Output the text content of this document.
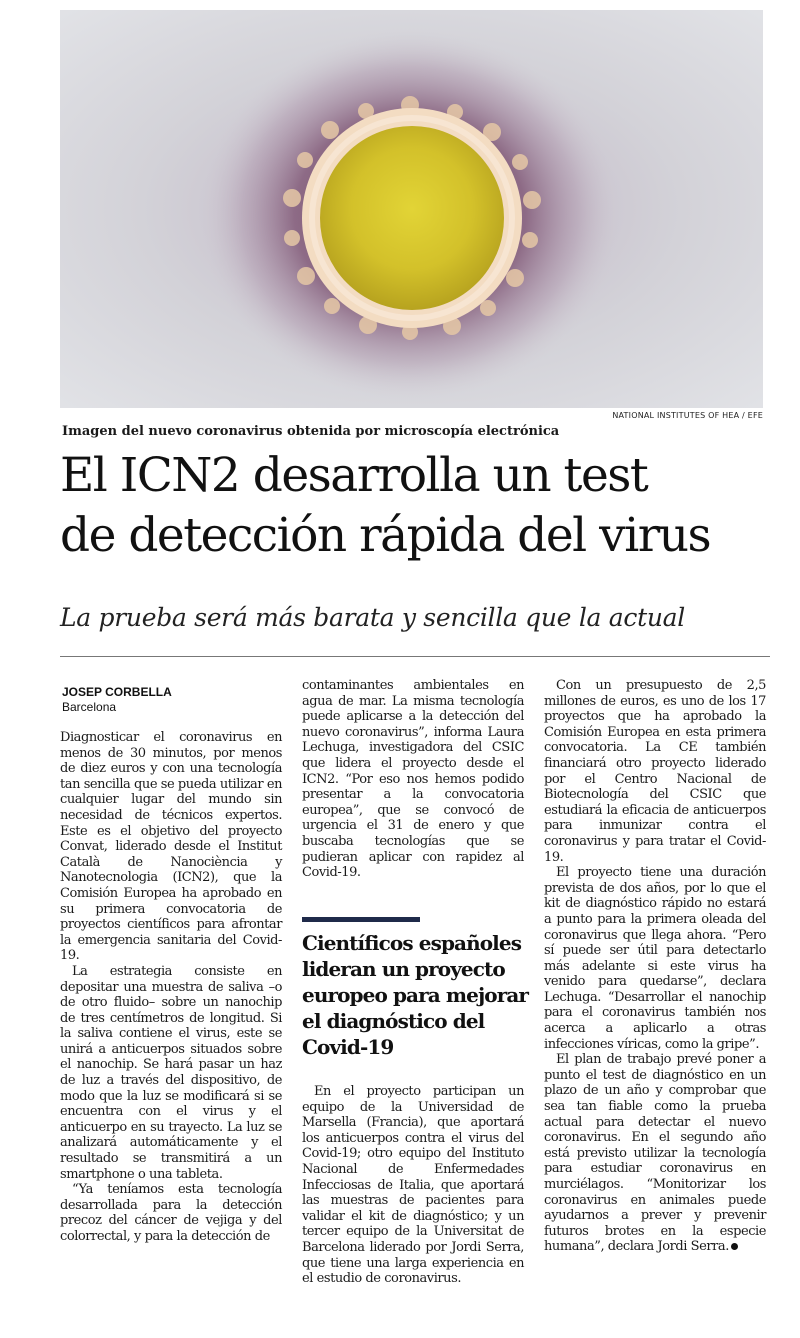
NATIONAL INSTITUTES OF HEA / EFE
Imagen del nuevo coronavirus obtenida por microscopía electrónica
El ICN2 desarrolla un test
de detección rápida del virus
La prueba será más barata y sencilla que la actual
JOSEP CORBELLA
Barcelona

Diagnosticar el coronavirus en menos de 30 minutos, por menos de diez euros y con una tecnología tan sencilla que se pueda utilizar en cualquier lugar del mundo sin necesidad de técnicos expertos. Este es el objetivo del proyecto Convat, liderado desde el Institut Català de Nanociència y Nanotecnologia (ICN2), que la Comisión Europea ha aprobado en su primera convocatoria de proyectos científicos para afrontar la emergencia sanitaria del Covid-19.

La estrategia consiste en depositar una muestra de saliva –o de otro fluido– sobre un nanochip de tres centímetros de longitud. Si la saliva contiene el virus, este se unirá a anticuerpos situados sobre el nanochip. Se hará pasar un haz de luz a través del dispositivo, de modo que la luz se modificará si se encuentra con el virus y el anticuerpo en su trayecto. La luz se analizará automáticamente y el resultado se transmitirá a un smartphone o una tableta.

“Ya teníamos esta tecnología desarrollada para la detección precoz del cáncer de vejiga y del colorrectal, y para la detección de

contaminantes ambientales en agua de mar. La misma tecnología puede aplicarse a la detección del nuevo coronavirus”, informa Laura Lechuga, investigadora del CSIC que lidera el proyecto desde el ICN2. “Por eso nos hemos podido presentar a la convocatoria europea”, que se convocó de urgencia el 31 de enero y que buscaba tecnologías que se pudieran aplicar con rapidez al Covid-19.

Científicos españoles
lideran un proyecto
europeo para mejorar
el diagnóstico del
Covid-19

En el proyecto participan un equipo de la Universidad de Marsella (Francia), que aportará los anticuerpos contra el virus del Covid-19; otro equipo del Instituto Nacional de Enfermedades Infecciosas de Italia, que aportará las muestras de pacientes para validar el kit de diagnóstico; y un tercer equipo de la Universitat de Barcelona liderado por Jordi Serra, que tiene una larga experiencia en el estudio de coronavirus.

Con un presupuesto de 2,5 millones de euros, es uno de los 17 proyectos que ha aprobado la Comisión Europea en esta primera convocatoria. La CE también financiará otro proyecto liderado por el Centro Nacional de Biotecnología del CSIC que estudiará la eficacia de anticuerpos para inmunizar contra el coronavirus y para tratar el Covid-19.

El proyecto tiene una duración prevista de dos años, por lo que el kit de diagnóstico rápido no estará a punto para la primera oleada del coronavirus que llega ahora. “Pero sí puede ser útil para detectarlo más adelante si este virus ha venido para quedarse”, declara Lechuga. “Desarrollar el nanochip para el coronavirus también nos acerca a aplicarlo a otras infecciones víricas, como la gripe”.

El plan de trabajo prevé poner a punto el test de diagnóstico en un plazo de un año y comprobar que sea tan fiable como la prueba actual para detectar el nuevo coronavirus. En el segundo año está previsto utilizar la tecnología para estudiar coronavirus en murciélagos. “Monitorizar los coronavirus en animales puede ayudarnos a prever y prevenir futuros brotes en la especie humana”, declara Jordi Serra.
